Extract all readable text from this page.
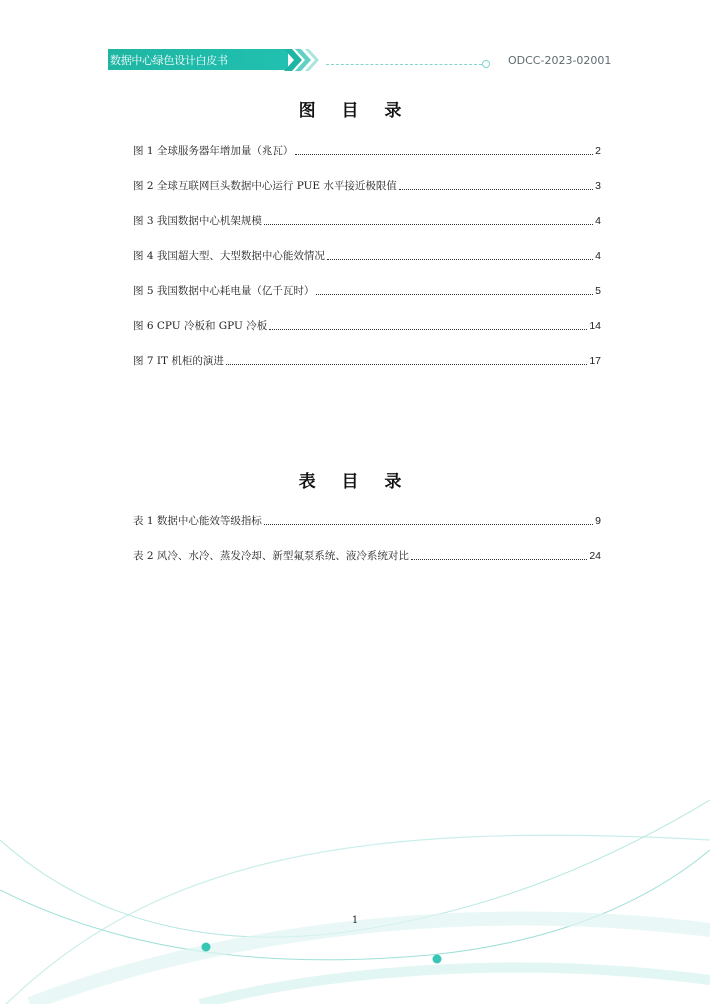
数据中心绿色设计白皮书	ODCC-2023-02001
图 目 录
图 1 全球服务器年增加量（兆瓦）	2
图 2 全球互联网巨头数据中心运行 PUE 水平接近极限值	3
图 3 我国数据中心机架规模	4
图 4 我国超大型、大型数据中心能效情况	4
图 5 我国数据中心耗电量（亿千瓦时）	5
图 6 CPU 冷板和 GPU 冷板	14
图 7 IT 机柜的演进	17
表 目 录
表 1 数据中心能效等级指标	9
表 2 风冷、水冷、蒸发冷却、新型氟泵系统、液冷系统对比	24
1
